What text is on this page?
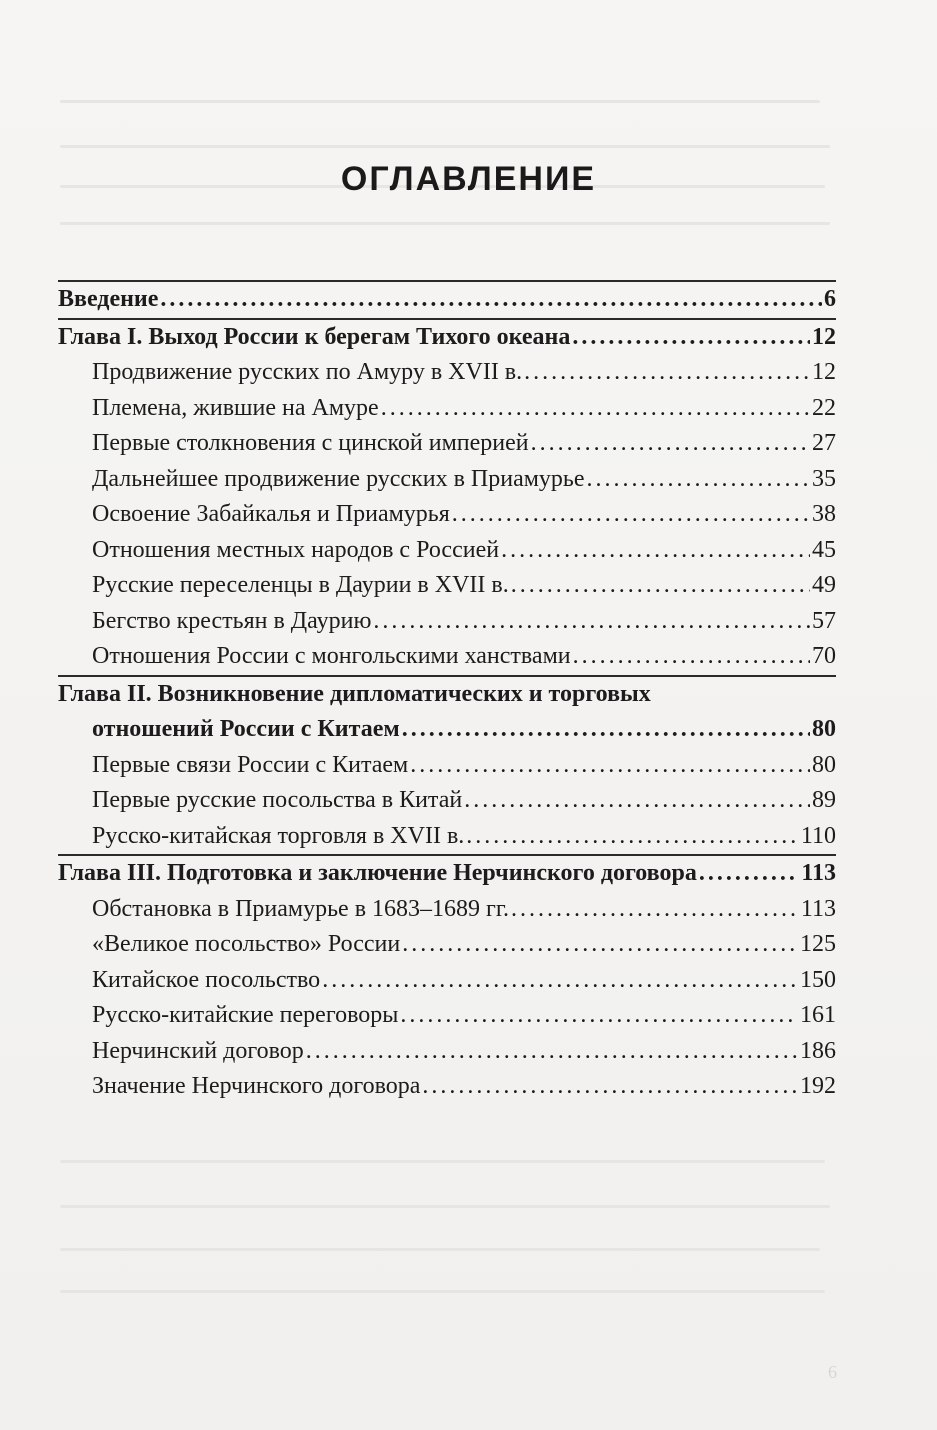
ОГЛАВЛЕНИЕ
Введение .....	6
Глава I. Выход России к берегам Тихого океана .....	12
Продвижение русских по Амуру в XVII в. .....	12
Племена, жившие на Амуре .....	22
Первые столкновения с цинской империей .....	27
Дальнейшее продвижение русских в Приамурье .....	35
Освоение Забайкалья и Приамурья .....	38
Отношения местных народов с Россией .....	45
Русские переселенцы в Даурии в XVII в. .....	49
Бегство крестьян в Даурию .....	57
Отношения России с монгольскими ханствами .....	70
Глава II. Возникновение дипломатических и торговых
отношений России с Китаем .....	80
Первые связи России с Китаем .....	80
Первые русские посольства в Китай .....	89
Русско-китайская торговля в XVII в. .....	110
Глава III. Подготовка и заключение Нерчинского договора .....	113
Обстановка в Приамурье в 1683–1689 гг. .....	113
«Великое посольство» России .....	125
Китайское посольство .....	150
Русско-китайские переговоры .....	161
Нерчинский договор .....	186
Значение Нерчинского договора .....	192
6
